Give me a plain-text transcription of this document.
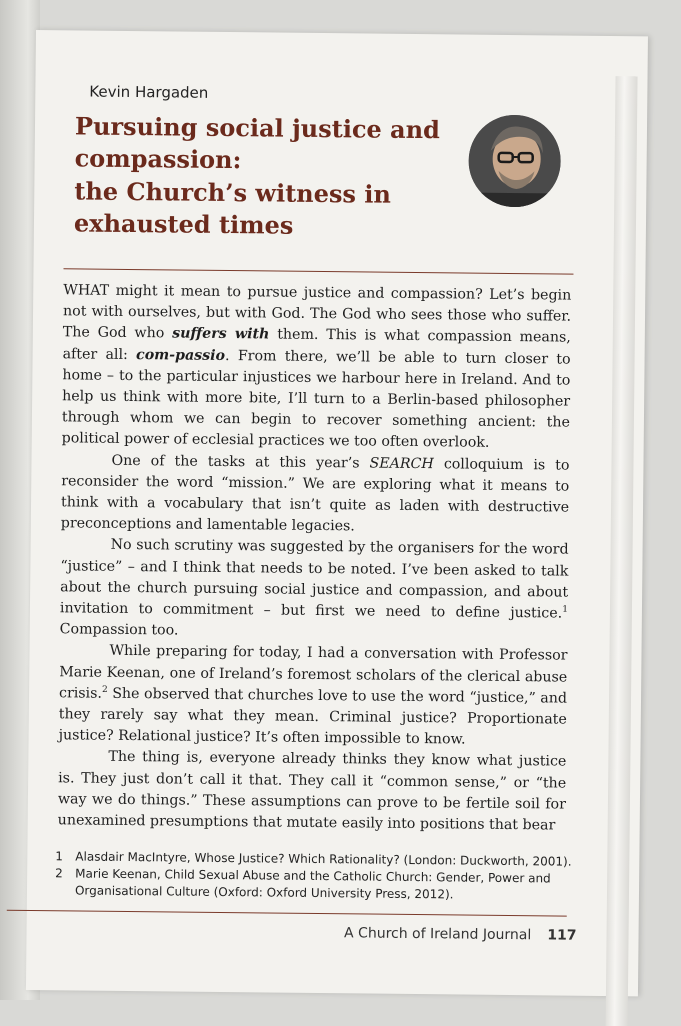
Kevin Hargaden
Pursuing social justice and
compassion:
the Church’s witness in
exhausted times

WHAT might it mean to pursue justice and compassion? Let’s begin not with ourselves, but with God. The God who sees those who suffer. The God who suffers with them. This is what compassion means, after all: com-passio. From there, we’ll be able to turn closer to home – to the particular injustices we harbour here in Ireland. And to help us think with more bite, I’ll turn to a Berlin-based philosopher through whom we can begin to recover something ancient: the political power of ecclesial practices we too often overlook.

One of the tasks at this year’s SEARCH colloquium is to reconsider the word “mission.” We are exploring what it means to think with a vocabulary that isn’t quite as laden with destructive preconceptions and lamentable legacies.

No such scrutiny was suggested by the organisers for the word “justice” – and I think that needs to be noted. I’ve been asked to talk about the church pursuing social justice and compassion, and about invitation to commitment – but first we need to define justice.$^1$ Compassion too.

While preparing for today, I had a conversation with Professor Marie Keenan, one of Ireland’s foremost scholars of the clerical abuse crisis.$^2$ She observed that churches love to use the word “justice,” and they rarely say what they mean. Criminal justice? Proportionate justice? Relational justice? It’s often impossible to know.

The thing is, everyone already thinks they know what justice is. They just don’t call it that. They call it “common sense,” or “the way we do things.” These assumptions can prove to be fertile soil for unexamined presumptions that mutate easily into positions that bear

1	Alasdair MacIntyre, Whose Justice? Which Rationality? (London: Duckworth, 2001).
2	Marie Keenan, Child Sexual Abuse and the Catholic Church: Gender, Power and Organisational Culture (Oxford: Oxford University Press, 2012).
A Church of Ireland Journal 117
